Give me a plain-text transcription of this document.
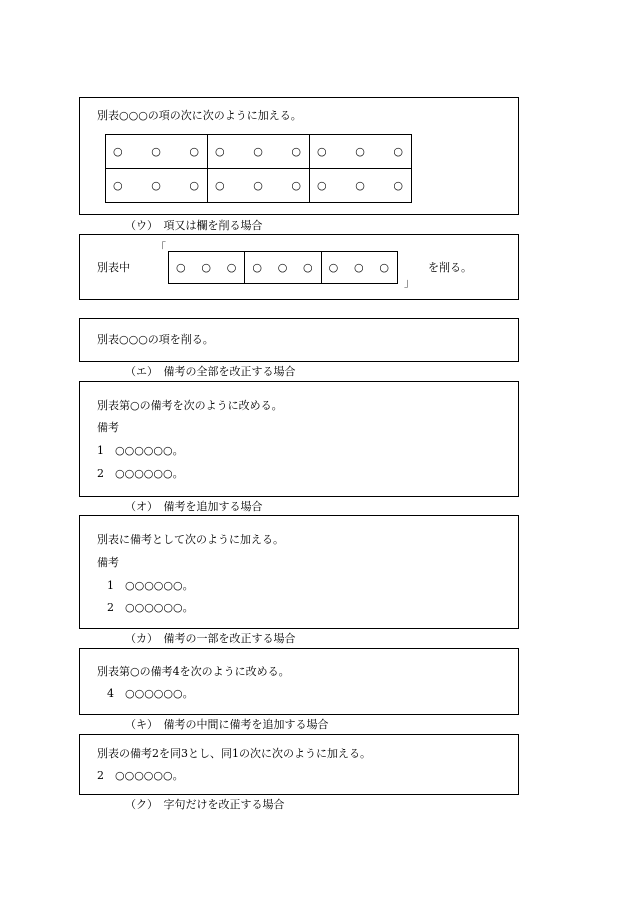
別表○○○の項の次に次のように加える。
○ ○ ○	○ ○ ○	○ ○ ○

○ ○ ○	○ ○ ○	○ ○ ○
（ウ）　項又は欄を削る場合
別表中
「
○ ○ ○	○ ○ ○	○ ○ ○
」
を削る。
別表○○○の項を削る。
（エ）　備考の全部を改正する場合
別表第○の備考を次のように改める。
備考
1　○○○○○○。
2　○○○○○○。
（オ）　備考を追加する場合
別表に備考として次のように加える。
備考
1　○○○○○○。
2　○○○○○○。
（カ）　備考の一部を改正する場合
別表第○の備考4を次のように改める。
4　○○○○○○。
（キ）　備考の中間に備考を追加する場合
別表の備考2を同3とし、同1の次に次のように加える。
2　○○○○○○。
（ク）　字句だけを改正する場合
